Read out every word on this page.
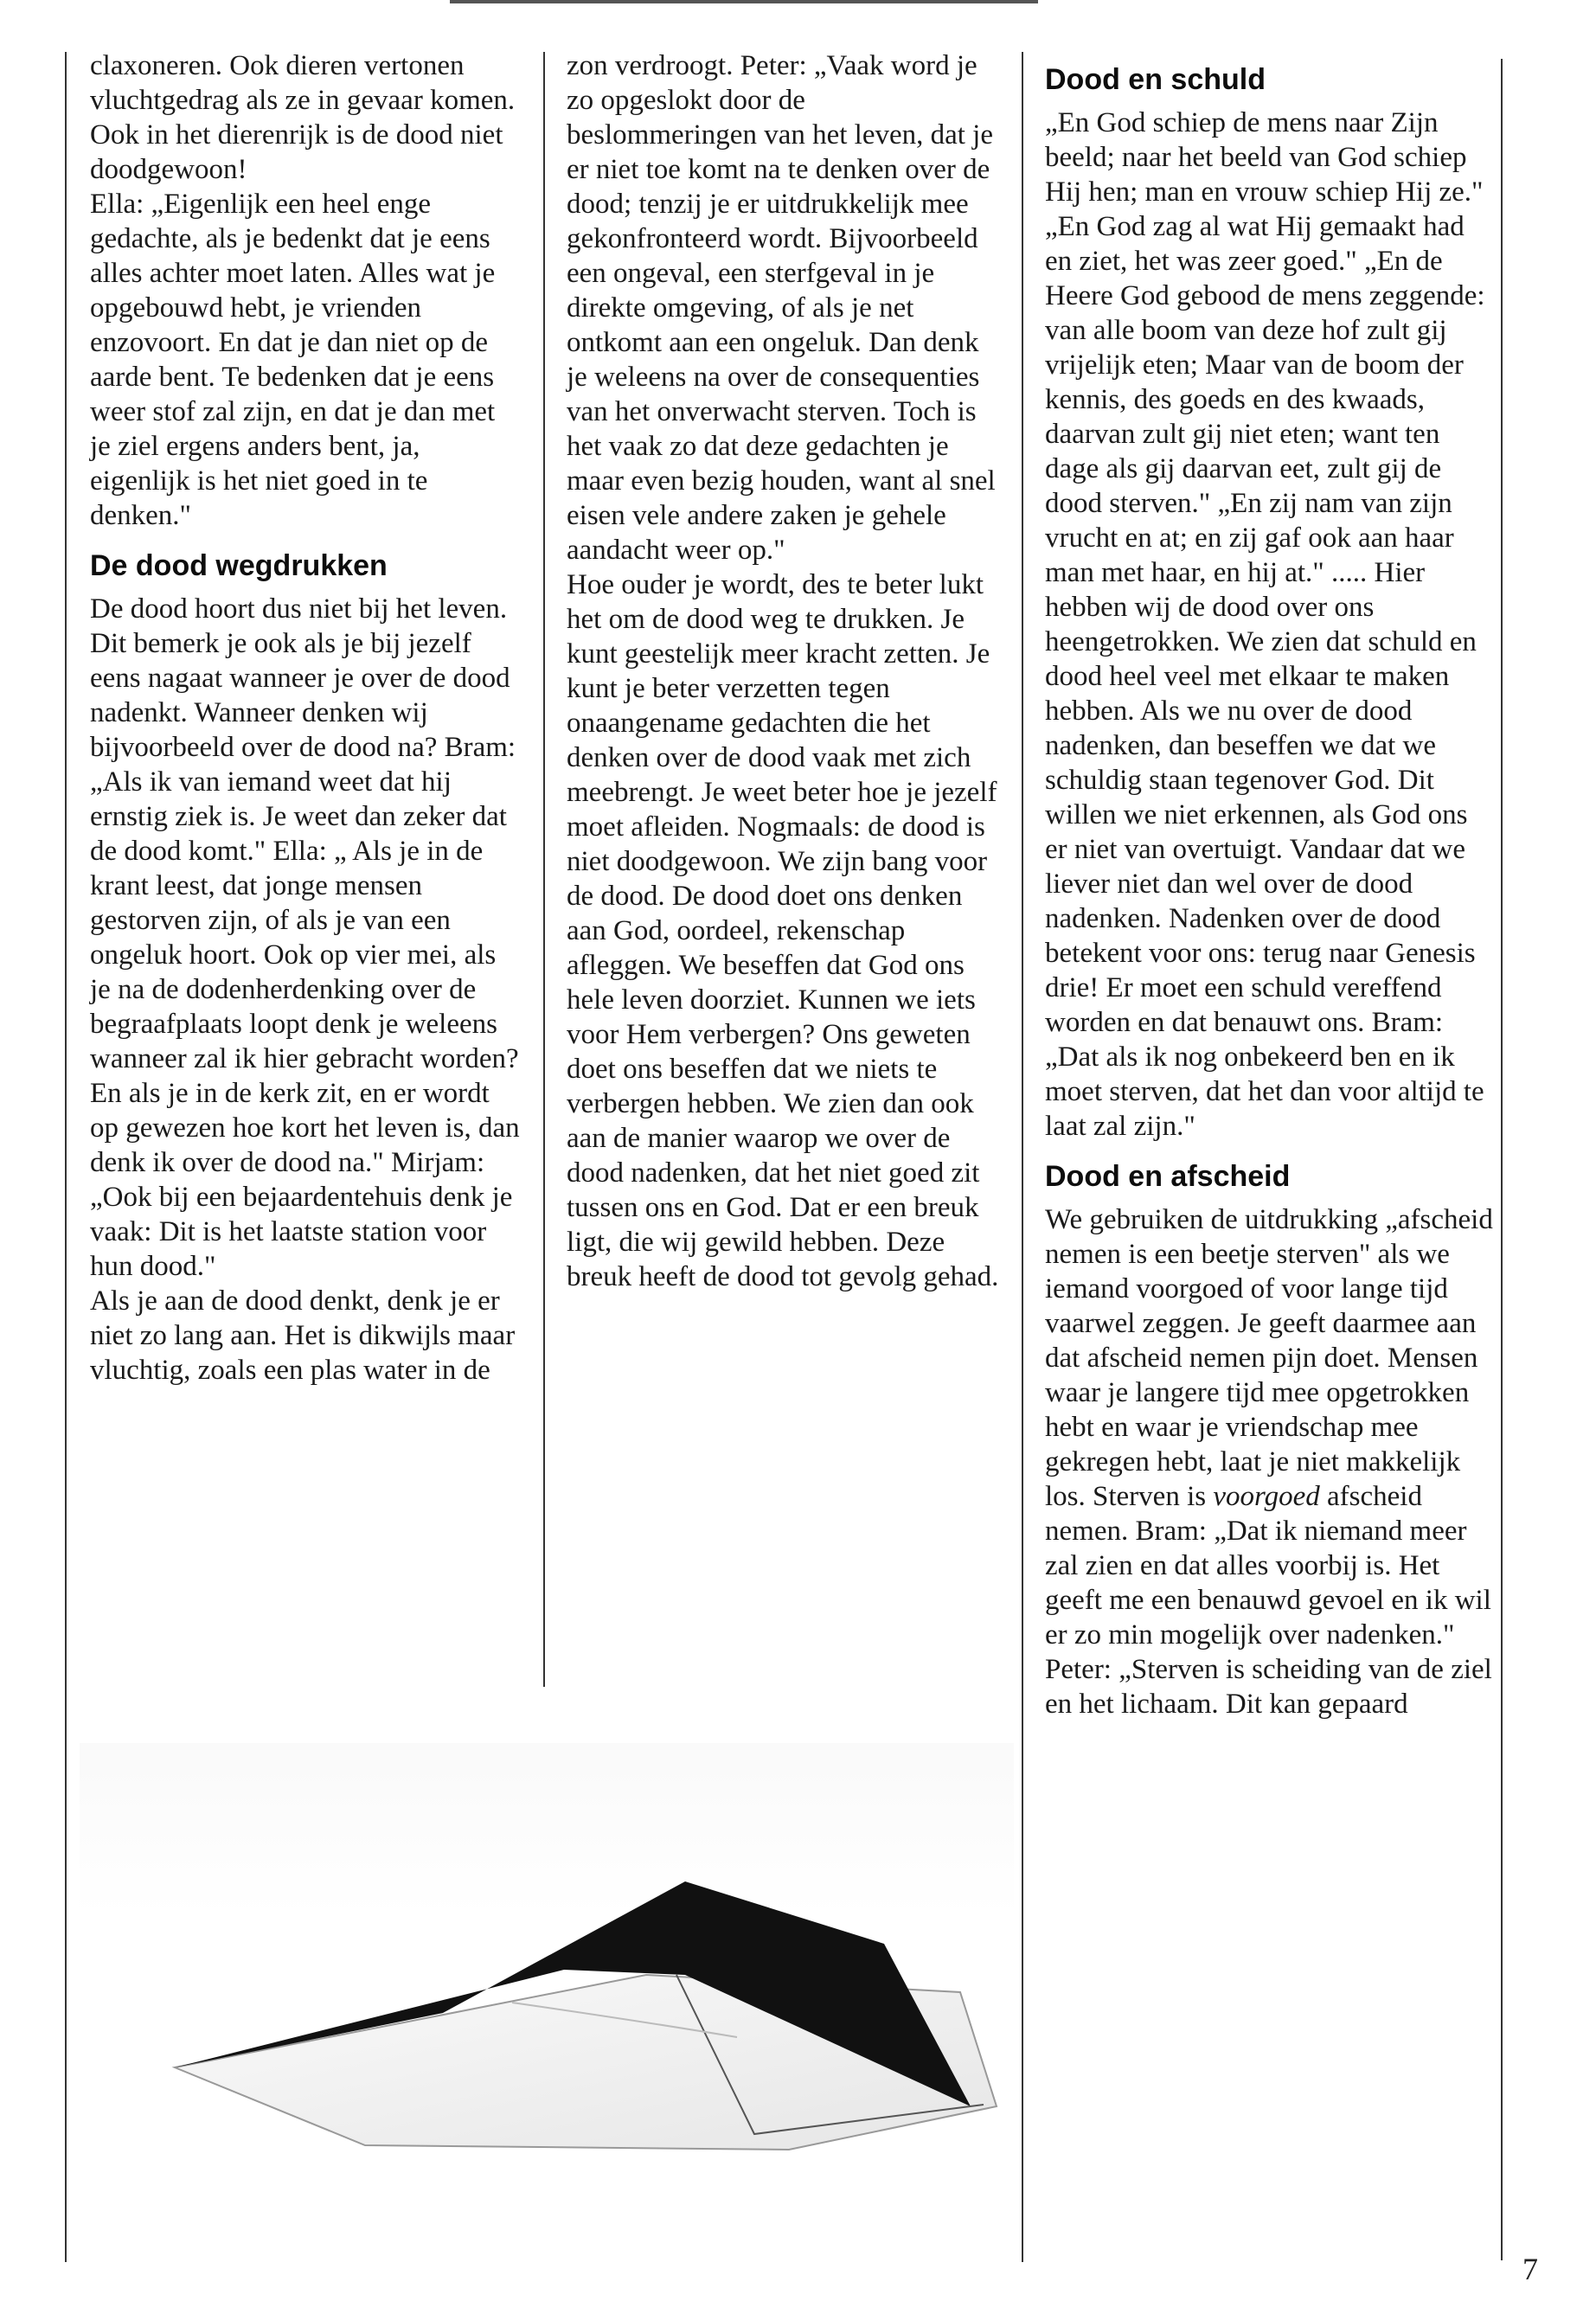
claxoneren. Ook dieren vertonen vluchtgedrag als ze in gevaar komen. Ook in het dierenrijk is de dood niet doodgewoon!

Ella: „Eigenlijk een heel enge gedachte, als je bedenkt dat je eens alles achter moet laten. Alles wat je opgebouwd hebt, je vrienden enzovoort. En dat je dan niet op de aarde bent. Te bedenken dat je eens weer stof zal zijn, en dat je dan met je ziel ergens anders bent, ja, eigenlijk is het niet goed in te denken."

De dood wegdrukken

De dood hoort dus niet bij het leven. Dit bemerk je ook als je bij jezelf eens nagaat wanneer je over de dood nadenkt. Wanneer denken wij bijvoorbeeld over de dood na? Bram: „Als ik van iemand weet dat hij ernstig ziek is. Je weet dan zeker dat de dood komt." Ella: „ Als je in de krant leest, dat jonge mensen gestorven zijn, of als je van een ongeluk hoort. Ook op vier mei, als je na de dodenherdenking over de begraafplaats loopt denk je weleens wanneer zal ik hier gebracht worden? En als je in de kerk zit, en er wordt op gewezen hoe kort het leven is, dan denk ik over de dood na." Mirjam: „Ook bij een bejaardentehuis denk je vaak: Dit is het laatste station voor hun dood."

Als je aan de dood denkt, denk je er niet zo lang aan. Het is dikwijls maar vluchtig, zoals een plas water in de

zon verdroogt. Peter: „Vaak word je zo opgeslokt door de beslommeringen van het leven, dat je er niet toe komt na te denken over de dood; tenzij je er uitdrukkelijk mee gekonfronteerd wordt. Bijvoorbeeld een ongeval, een sterfgeval in je direkte omgeving, of als je net ontkomt aan een ongeluk. Dan denk je weleens na over de consequenties van het onverwacht sterven. Toch is het vaak zo dat deze gedachten je maar even bezig houden, want al snel eisen vele andere zaken je gehele aandacht weer op."

Hoe ouder je wordt, des te beter lukt het om de dood weg te drukken. Je kunt geestelijk meer kracht zetten. Je kunt je beter verzetten tegen onaangename gedachten die het denken over de dood vaak met zich meebrengt. Je weet beter hoe je jezelf moet afleiden. Nogmaals: de dood is niet doodgewoon. We zijn bang voor de dood. De dood doet ons denken aan God, oordeel, rekenschap afleggen. We beseffen dat God ons hele leven doorziet. Kunnen we iets voor Hem verbergen? Ons geweten doet ons beseffen dat we niets te verbergen hebben. We zien dan ook aan de manier waarop we over de dood nadenken, dat het niet goed zit tussen ons en God. Dat er een breuk ligt, die wij gewild hebben. Deze breuk heeft de dood tot gevolg gehad.

Dood en schuld

„En God schiep de mens naar Zijn beeld; naar het beeld van God schiep Hij hen; man en vrouw schiep Hij ze." „En God zag al wat Hij gemaakt had en ziet, het was zeer goed." „En de Heere God gebood de mens zeggende: van alle boom van deze hof zult gij vrijelijk eten; Maar van de boom der kennis, des goeds en des kwaads, daarvan zult gij niet eten; want ten dage als gij daarvan eet, zult gij de dood sterven." „En zij nam van zijn vrucht en at; en zij gaf ook aan haar man met haar, en hij at." ..... Hier hebben wij de dood over ons heengetrokken. We zien dat schuld en dood heel veel met elkaar te maken hebben. Als we nu over de dood nadenken, dan beseffen we dat we schuldig staan tegenover God. Dit willen we niet erkennen, als God ons er niet van overtuigt. Vandaar dat we liever niet dan wel over de dood nadenken. Nadenken over de dood betekent voor ons: terug naar Genesis drie! Er moet een schuld vereffend worden en dat benauwt ons. Bram: „Dat als ik nog onbekeerd ben en ik moet sterven, dat het dan voor altijd te laat zal zijn."

Dood en afscheid

We gebruiken de uitdrukking „afscheid nemen is een beetje sterven" als we iemand voorgoed of voor lange tijd vaarwel zeggen. Je geeft daarmee aan dat afscheid nemen pijn doet. Mensen waar je langere tijd mee opgetrokken hebt en waar je vriendschap mee gekregen hebt, laat je niet makkelijk los. Sterven is voorgoed afscheid nemen. Bram: „Dat ik niemand meer zal zien en dat alles voorbij is. Het geeft me een benauwd gevoel en ik wil er zo min mogelijk over nadenken." Peter: „Sterven is scheiding van de ziel en het lichaam. Dit kan gepaard

7
